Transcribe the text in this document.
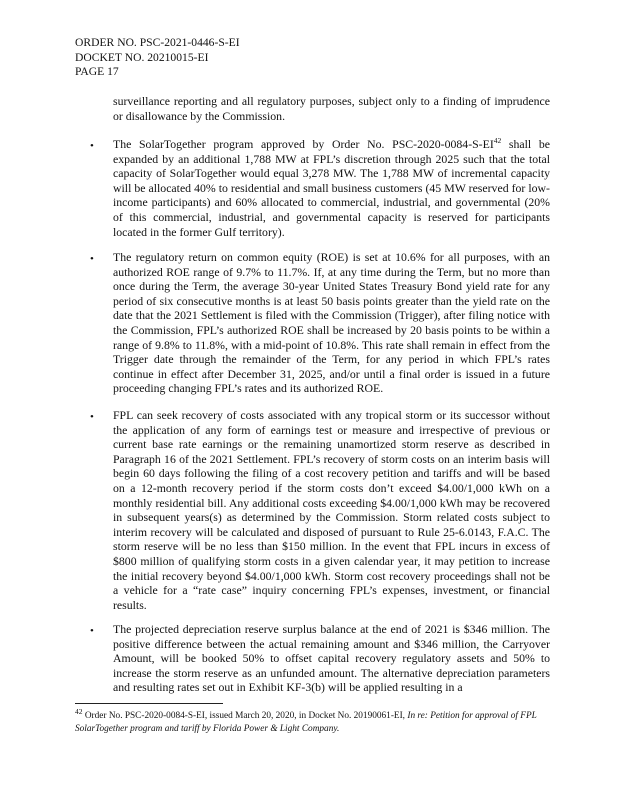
ORDER NO. PSC-2021-0446-S-EI
DOCKET NO. 20210015-EI
PAGE 17
surveillance reporting and all regulatory purposes, subject only to a finding of imprudence or disallowance by the Commission.
• The SolarTogether program approved by Order No. PSC-2020-0084-S-EI$^{42}$ shall be expanded by an additional 1,788 MW at FPL’s discretion through 2025 such that the total capacity of SolarTogether would equal 3,278 MW. The 1,788 MW of incremental capacity will be allocated 40% to residential and small business customers (45 MW reserved for low-income participants) and 60% allocated to commercial, industrial, and governmental (20% of this commercial, industrial, and governmental capacity is reserved for participants located in the former Gulf territory).
• The regulatory return on common equity (ROE) is set at 10.6% for all purposes, with an authorized ROE range of 9.7% to 11.7%. If, at any time during the Term, but no more than once during the Term, the average 30-year United States Treasury Bond yield rate for any period of six consecutive months is at least 50 basis points greater than the yield rate on the date that the 2021 Settlement is filed with the Commission (Trigger), after filing notice with the Commission, FPL’s authorized ROE shall be increased by 20 basis points to be within a range of 9.8% to 11.8%, with a mid-point of 10.8%. This rate shall remain in effect from the Trigger date through the remainder of the Term, for any period in which FPL’s rates continue in effect after December 31, 2025, and/or until a final order is issued in a future proceeding changing FPL’s rates and its authorized ROE.
• FPL can seek recovery of costs associated with any tropical storm or its successor without the application of any form of earnings test or measure and irrespective of previous or current base rate earnings or the remaining unamortized storm reserve as described in Paragraph 16 of the 2021 Settlement. FPL’s recovery of storm costs on an interim basis will begin 60 days following the filing of a cost recovery petition and tariffs and will be based on a 12-month recovery period if the storm costs don’t exceed $4.00/1,000 kWh on a monthly residential bill. Any additional costs exceeding $4.00/1,000 kWh may be recovered in subsequent years(s) as determined by the Commission. Storm related costs subject to interim recovery will be calculated and disposed of pursuant to Rule 25-6.0143, F.A.C. The storm reserve will be no less than $150 million. In the event that FPL incurs in excess of $800 million of qualifying storm costs in a given calendar year, it may petition to increase the initial recovery beyond $4.00/1,000 kWh. Storm cost recovery proceedings shall not be a vehicle for a “rate case” inquiry concerning FPL’s expenses, investment, or financial results.
• The projected depreciation reserve surplus balance at the end of 2021 is $346 million. The positive difference between the actual remaining amount and $346 million, the Carryover Amount, will be booked 50% to offset capital recovery regulatory assets and 50% to increase the storm reserve as an unfunded amount. The alternative depreciation parameters and resulting rates set out in Exhibit KF-3(b) will be applied resulting in a
$^{42}$ Order No. PSC-2020-0084-S-EI, issued March 20, 2020, in Docket No. 20190061-EI, In re: Petition for approval of FPL SolarTogether program and tariff by Florida Power & Light Company.
